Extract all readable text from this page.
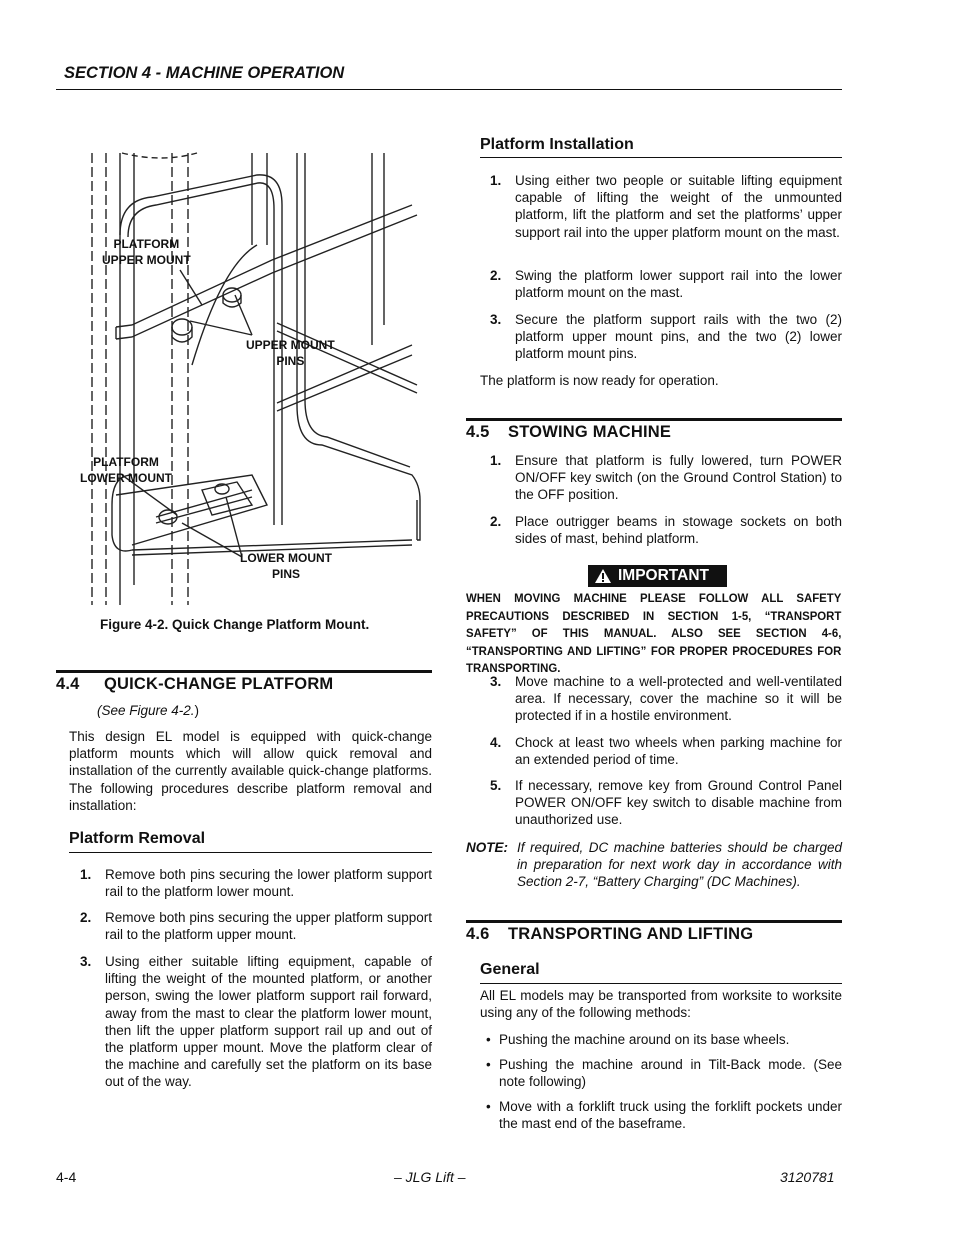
SECTION 4 - MACHINE OPERATION
PLATFORM
UPPER MOUNT
UPPER MOUNT
PINS
PLATFORM
LOWER MOUNT
LOWER MOUNT
PINS
Figure 4-2. Quick Change Platform Mount.
4.4 QUICK-CHANGE PLATFORM
(See Figure 4-2.)
This design EL model is equipped with quick-change platform mounts which will allow quick removal and installation of the currently available quick-change platforms. The following procedures describe platform removal and installation:
Platform Removal
1. Remove both pins securing the lower platform support rail to the platform lower mount.
2. Remove both pins securing the upper platform support rail to the platform upper mount.
3. Using either suitable lifting equipment, capable of lifting the weight of the mounted platform, or another person, swing the lower platform support rail forward, away from the mast to clear the platform lower mount, then lift the upper platform support rail up and out of the platform upper mount. Move the platform clear of the machine and carefully set the platform on its base out of the way.
Platform Installation
1. Using either two people or suitable lifting equipment capable of lifting the weight of the unmounted platform, lift the platform and set the platforms’ upper support rail into the upper platform mount on the mast.
2. Swing the platform lower support rail into the lower platform mount on the mast.
3. Secure the platform support rails with the two (2) platform upper mount pins, and the two (2) lower platform mount pins.
The platform is now ready for operation.
4.5 STOWING MACHINE
1. Ensure that platform is fully lowered, turn POWER ON/OFF key switch (on the Ground Control Station) to the OFF position.
2. Place outrigger beams in stowage sockets on both sides of mast, behind platform.
IMPORTANT
WHEN MOVING MACHINE PLEASE FOLLOW ALL SAFETY PRECAUTIONS DESCRIBED IN SECTION 1-5, “TRANSPORT SAFETY” OF THIS MANUAL. ALSO SEE SECTION 4-6, “TRANSPORTING AND LIFTING” FOR PROPER PROCEDURES FOR TRANSPORTING.
3. Move machine to a well-protected and well-ventilated area. If necessary, cover the machine so it will be protected if in a hostile environment.
4. Chock at least two wheels when parking machine for an extended period of time.
5. If necessary, remove key from Ground Control Panel POWER ON/OFF key switch to disable machine from unauthorized use.
NOTE: If required, DC machine batteries should be charged in preparation for next work day in accordance with Section 2-7, “Battery Charging” (DC Machines).
4.6 TRANSPORTING AND LIFTING
General
All EL models may be transported from worksite to worksite using any of the following methods:
• Pushing the machine around on its base wheels.
• Pushing the machine around in Tilt-Back mode. (See note following)
• Move with a forklift truck using the forklift pockets under the mast end of the baseframe.
4-4	– JLG Lift –	3120781
